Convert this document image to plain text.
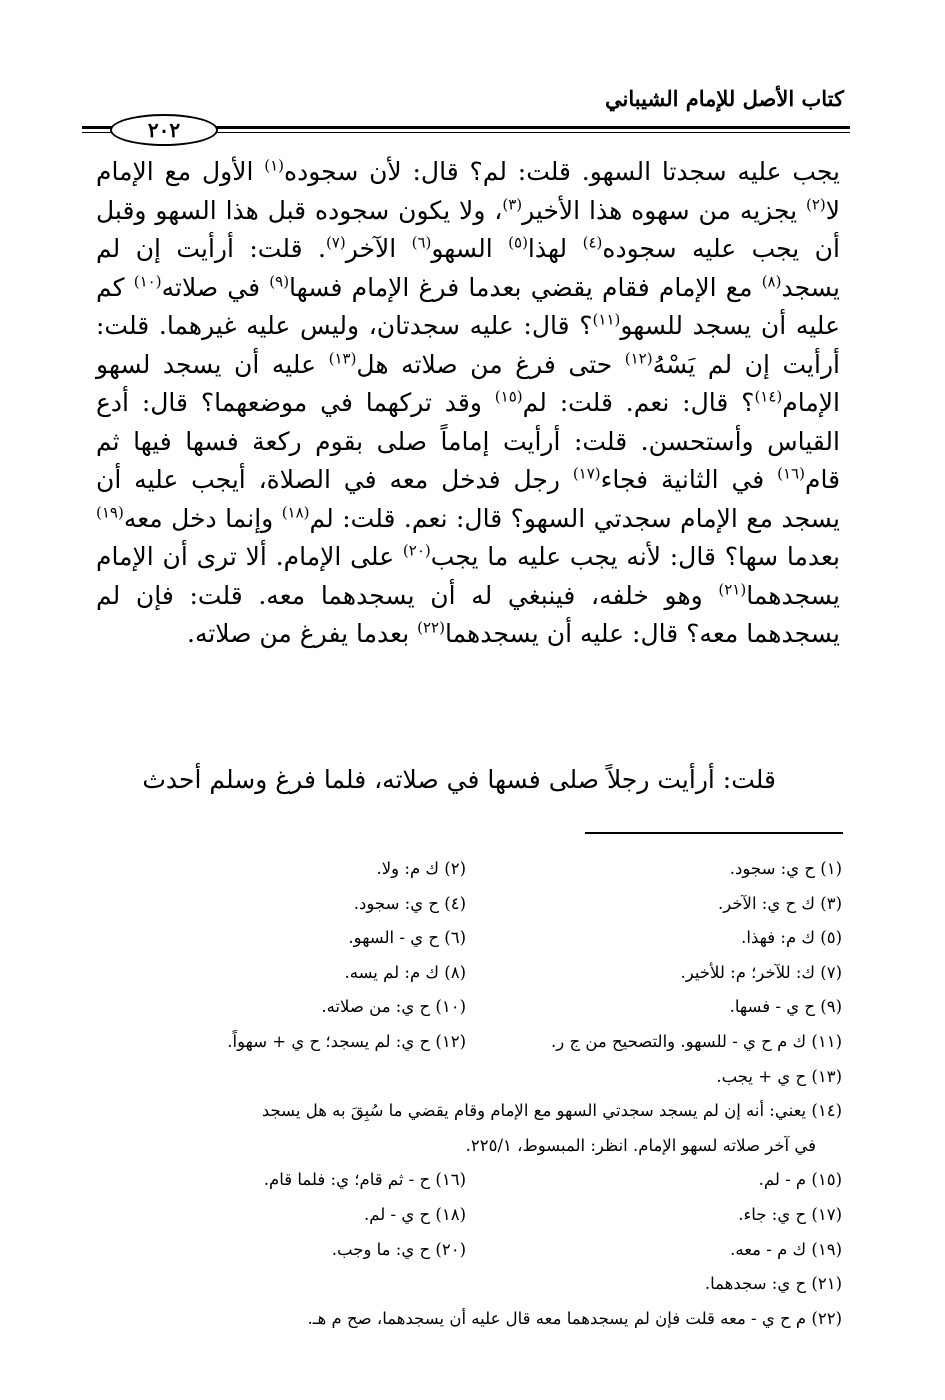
كتاب الأصل للإمام الشيباني
٢٠٢

يجب عليه سجدتا السهو. قلت: لم؟ قال: لأن سجوده$^{(١)}$ الأول مع الإمام لا$^{(٢)}$ يجزيه من سهوه هذا الأخير$^{(٣)}$، ولا يكون سجوده قبل هذا السهو وقبل أن يجب عليه سجوده$^{(٤)}$ لهذا$^{(٥)}$ السهو$^{(٦)}$ الآخر$^{(٧)}$. قلت: أرأيت إن لم يسجد$^{(٨)}$ مع الإمام فقام يقضي بعدما فرغ الإمام فسها$^{(٩)}$ في صلاته$^{(١٠)}$ كم عليه أن يسجد للسهو$^{(١١)}$؟ قال: عليه سجدتان، وليس عليه غيرهما. قلت: أرأيت إن لم يَسْهُ$^{(١٢)}$ حتى فرغ من صلاته هل$^{(١٣)}$ عليه أن يسجد لسهو الإمام$^{(١٤)}$؟ قال: نعم. قلت: لم$^{(١٥)}$ وقد تركهما في موضعهما؟ قال: أدع القياس وأستحسن. قلت: أرأيت إماماً صلى بقوم ركعة فسها فيها ثم قام$^{(١٦)}$ في الثانية فجاء$^{(١٧)}$ رجل فدخل معه في الصلاة، أيجب عليه أن يسجد مع الإمام سجدتي السهو؟ قال: نعم. قلت: لم$^{(١٨)}$ وإنما دخل معه$^{(١٩)}$ بعدما سها؟ قال: لأنه يجب عليه ما يجب$^{(٢٠)}$ على الإمام. ألا ترى أن الإمام يسجدهما$^{(٢١)}$ وهو خلفه، فينبغي له أن يسجدهما معه. قلت: فإن لم يسجدهما معه؟ قال: عليه أن يسجدهما$^{(٢٢)}$ بعدما يفرغ من صلاته.

قلت: أرأيت رجلاً صلى فسها في صلاته، فلما فرغ وسلم أحدث

(١) ح ي: سجود.
(٢) ك م: ولا.
(٣) ك ح ي: الآخر.
(٤) ح ي: سجود.
(٥) ك م: فهذا.
(٦) ح ي - السهو.
(٧) ك: للآخر؛ م: للأخير.
(٨) ك م: لم يسه.
(٩) ح ي - فسها.
(١٠) ح ي: من صلاته.
(١١) ك م ح ي - للسهو. والتصحيح من ج ر.
(١٢) ح ي: لم يسجد؛ ح ي + سهواً.
(١٣) ح ي + يجب.
(١٤) يعني: أنه إن لم يسجد سجدتي السهو مع الإمام وقام يقضي ما سُبِقَ به هل يسجد
في آخر صلاته لسهو الإمام. انظر: المبسوط، ٢٢٥/١.
(١٥) م - لم.
(١٦) ح - ثم قام؛ ي: فلما قام.
(١٧) ح ي: جاء.
(١٨) ح ي - لم.
(١٩) ك م - معه.
(٢٠) ح ي: ما وجب.
(٢١) ح ي: سجدهما.
(٢٢) م ح ي - معه قلت فإن لم يسجدهما معه قال عليه أن يسجدهما، صح م هـ.
